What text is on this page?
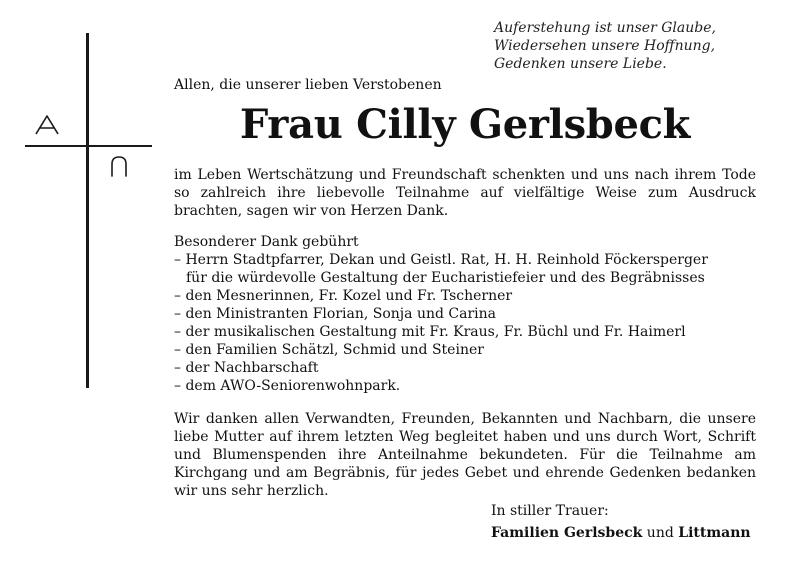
Auferstehung ist unser Glaube,
Wiedersehen unsere Hoffnung,
Gedenken unsere Liebe.
Allen, die unserer lieben Verstobenen
Frau Cilly Gerlsbeck
im Leben Wertschätzung und Freundschaft schenkten und uns nach ihrem Tode so zahlreich ihre liebevolle Teilnahme auf vielfältige Weise zum Ausdruck brachten, sagen wir von Herzen Dank.
Besonderer Dank gebührt
– Herrn Stadtpfarrer, Dekan und Geistl. Rat, H. H. Reinhold Föckersperger
für die würdevolle Gestaltung der Eucharistiefeier und des Begräbnisses
– den Mesnerinnen, Fr. Kozel und Fr. Tscherner
– den Ministranten Florian, Sonja und Carina
– der musikalischen Gestaltung mit Fr. Kraus, Fr. Büchl und Fr. Haimerl
– den Familien Schätzl, Schmid und Steiner
– der Nachbarschaft
– dem AWO-Seniorenwohnpark.
Wir danken allen Verwandten, Freunden, Bekannten und Nachbarn, die unsere liebe Mutter auf ihrem letzten Weg begleitet haben und uns durch Wort, Schrift und Blumenspenden ihre Anteilnahme bekundeten. Für die Teilnahme am Kirchgang und am Begräbnis, für jedes Gebet und ehrende Gedenken bedanken wir uns sehr herzlich.
In stiller Trauer:
Familien Gerlsbeck und Littmann
